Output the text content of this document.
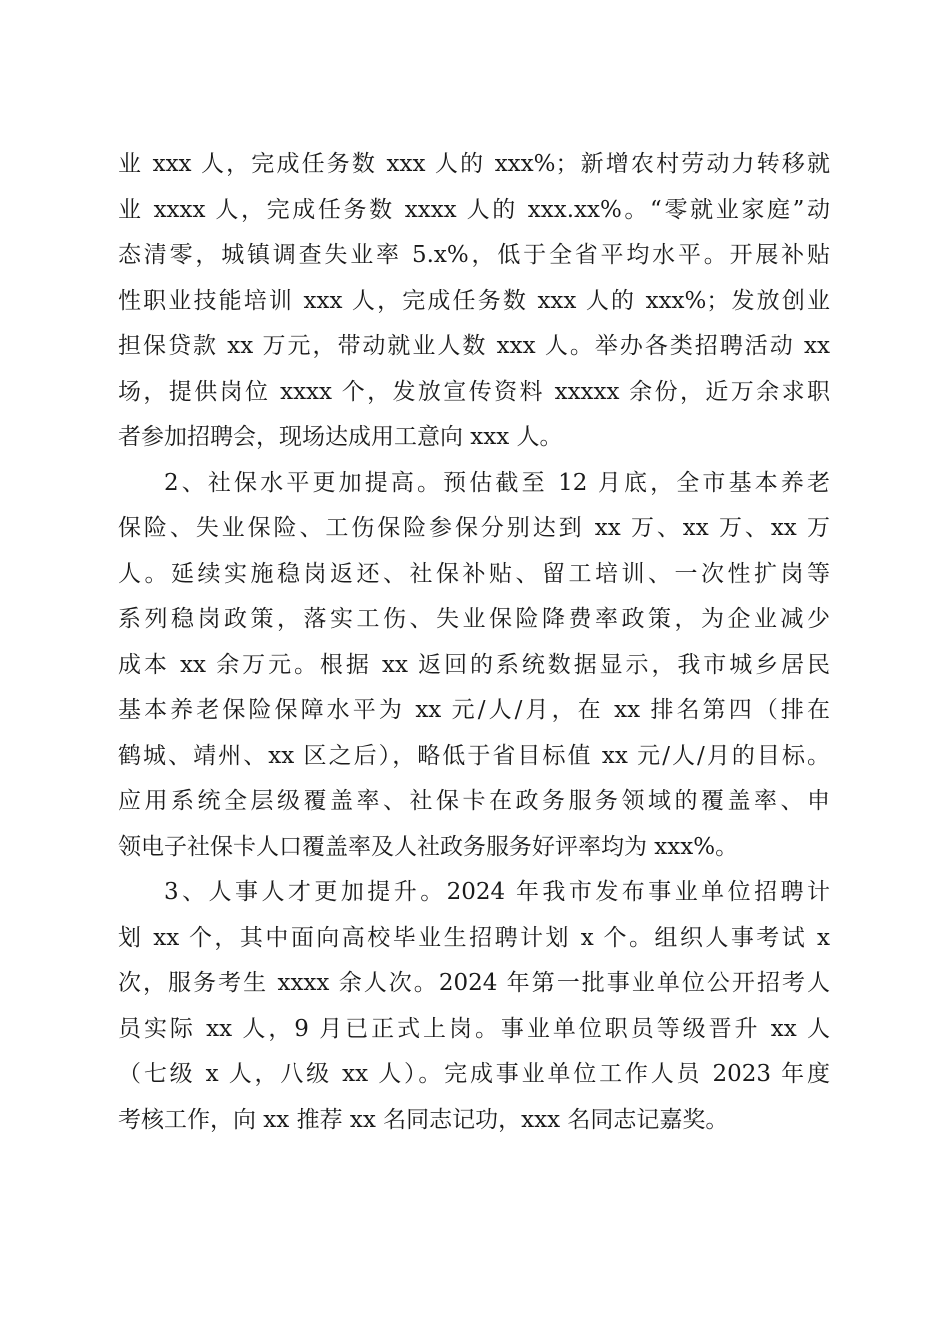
业 xxx 人，完成任务数 xxx 人的 xxx%；新增农村劳动力转移就
业 xxxx 人，完成任务数 xxxx 人的 xxx.xx%。“零就业家庭”动
态清零，城镇调查失业率 5.x%，低于全省平均水平。开展补贴
性职业技能培训 xxx 人，完成任务数 xxx 人的 xxx%；发放创业
担保贷款 xx 万元，带动就业人数 xxx 人。举办各类招聘活动 xx
场，提供岗位 xxxx 个，发放宣传资料 xxxxx 余份，近万余求职
者参加招聘会，现场达成用工意向 xxx 人。
2、社保水平更加提高。预估截至 12 月底，全市基本养老
保险、失业保险、工伤保险参保分别达到 xx 万、xx 万、xx 万
人。延续实施稳岗返还、社保补贴、留工培训、一次性扩岗等
系列稳岗政策，落实工伤、失业保险降费率政策，为企业减少
成本 xx 余万元。根据 xx 返回的系统数据显示，我市城乡居民
基本养老保险保障水平为 xx 元/人/月，在 xx 排名第四（排在
鹤城、靖州、xx 区之后），略低于省目标值 xx 元/人/月的目标。
应用系统全层级覆盖率、社保卡在政务服务领域的覆盖率、申
领电子社保卡人口覆盖率及人社政务服务好评率均为 xxx%。
3、人事人才更加提升。2024 年我市发布事业单位招聘计
划 xx 个，其中面向高校毕业生招聘计划 x 个。组织人事考试 x
次，服务考生 xxxx 余人次。2024 年第一批事业单位公开招考人
员实际 xx 人，9 月已正式上岗。事业单位职员等级晋升 xx 人
（七级 x 人，八级 xx 人）。完成事业单位工作人员 2023 年度
考核工作，向 xx 推荐 xx 名同志记功，xxx 名同志记嘉奖。
